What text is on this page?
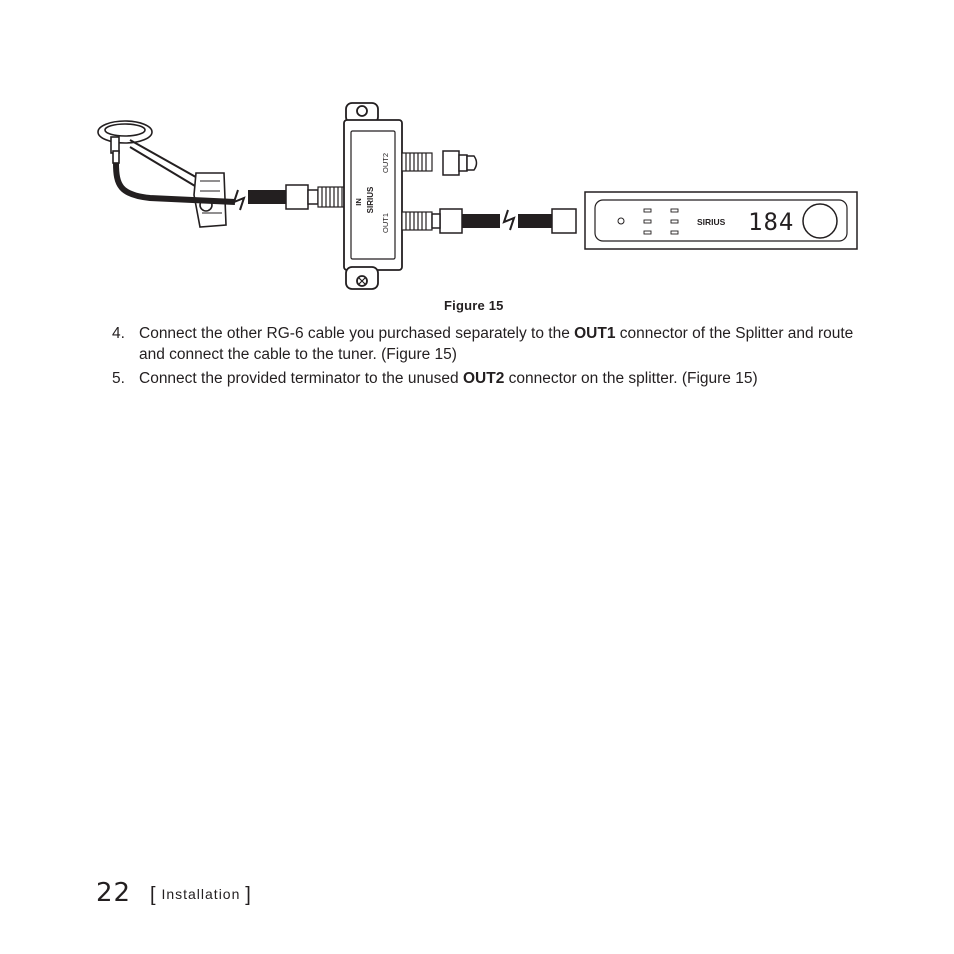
IN SIRIUS
OUT2
OUT1	SIRIUS 184
Figure 15
4. Connect the other RG-6 cable you purchased separately to the OUT1 connector of the Splitter and route and connect the cable to the tuner. (Figure 15)
5. Connect the provided terminator to the unused OUT2 connector on the splitter. (Figure 15)
22 [ Installation ]
